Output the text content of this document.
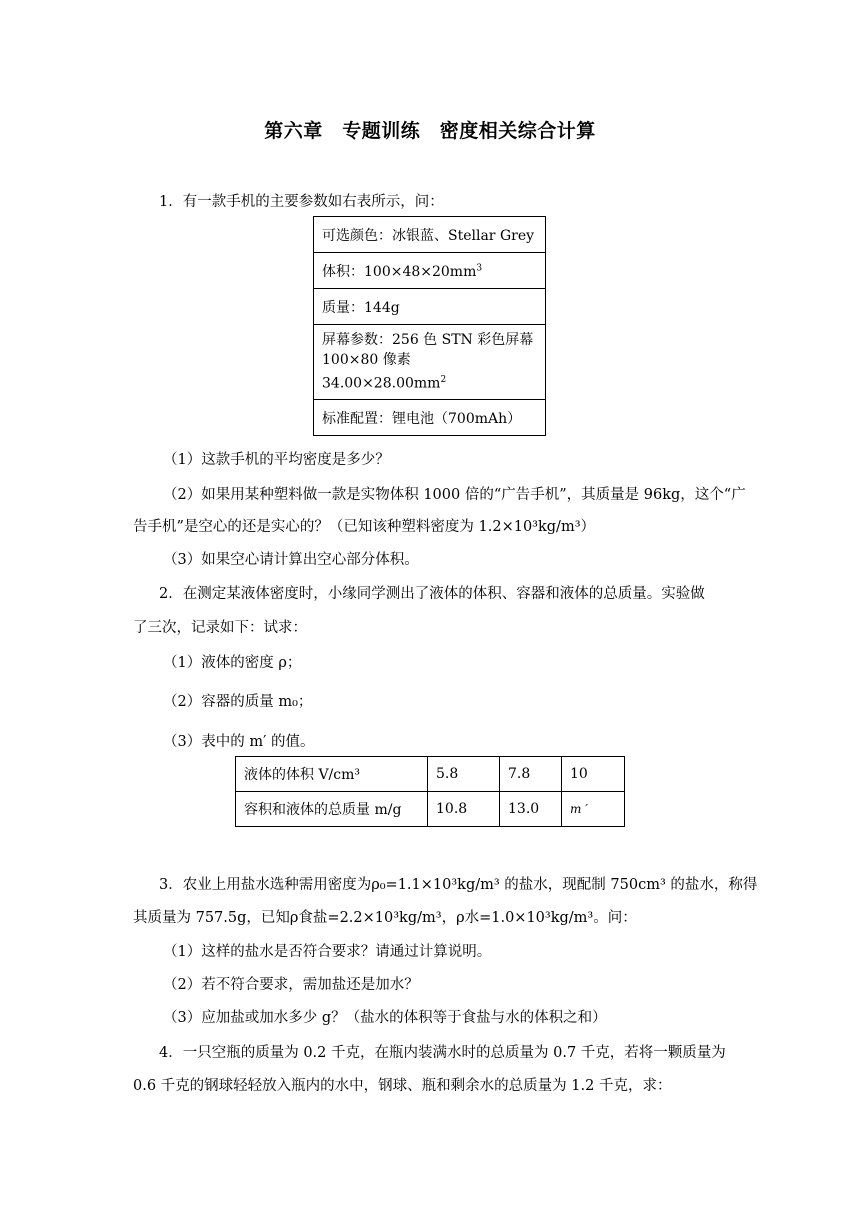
第六章　专题训练　密度相关综合计算
1．有一款手机的主要参数如右表所示，问：
可选颜色：冰银蓝、Stellar Grey
体积：$100\times 48\times 20mm^3$
质量：144g

屏幕参数：256 色 STN 彩色屏幕
100×80 像素
$34.00\times 28.00mm^2$

标准配置：锂电池（700mAh）
（1）这款手机的平均密度是多少？
（2）如果用某种塑料做一款是实物体积 1000 倍的“广告手机”，其质量是 96kg，这个“广
告手机”是空心的还是实心的？（已知该种塑料密度为 1.2×10³kg/m³）
（3）如果空心请计算出空心部分体积。
2．在测定某液体密度时，小缘同学测出了液体的体积、容器和液体的总质量。实验做
了三次，记录如下：试求：
（1）液体的密度 ρ；
（2）容器的质量 m₀；
（3）表中的 m′ 的值。
液体的体积 V/cm³	5.8	7.8	10
容积和液体的总质量 m/g	10.8	13.0	m ′
3．农业上用盐水选种需用密度为ρ₀=1.1×10³kg/m³ 的盐水，现配制 750cm³ 的盐水，称得
其质量为 757.5g，已知ρ食盐=2.2×10³kg/m³，ρ水=1.0×10³kg/m³。问：
（1）这样的盐水是否符合要求？请通过计算说明。
（2）若不符合要求，需加盐还是加水？
（3）应加盐或加水多少 g？（盐水的体积等于食盐与水的体积之和）
4．一只空瓶的质量为 0.2 千克，在瓶内装满水时的总质量为 0.7 千克，若将一颗质量为
0.6 千克的钢球轻轻放入瓶内的水中，钢球、瓶和剩余水的总质量为 1.2 千克，求：
